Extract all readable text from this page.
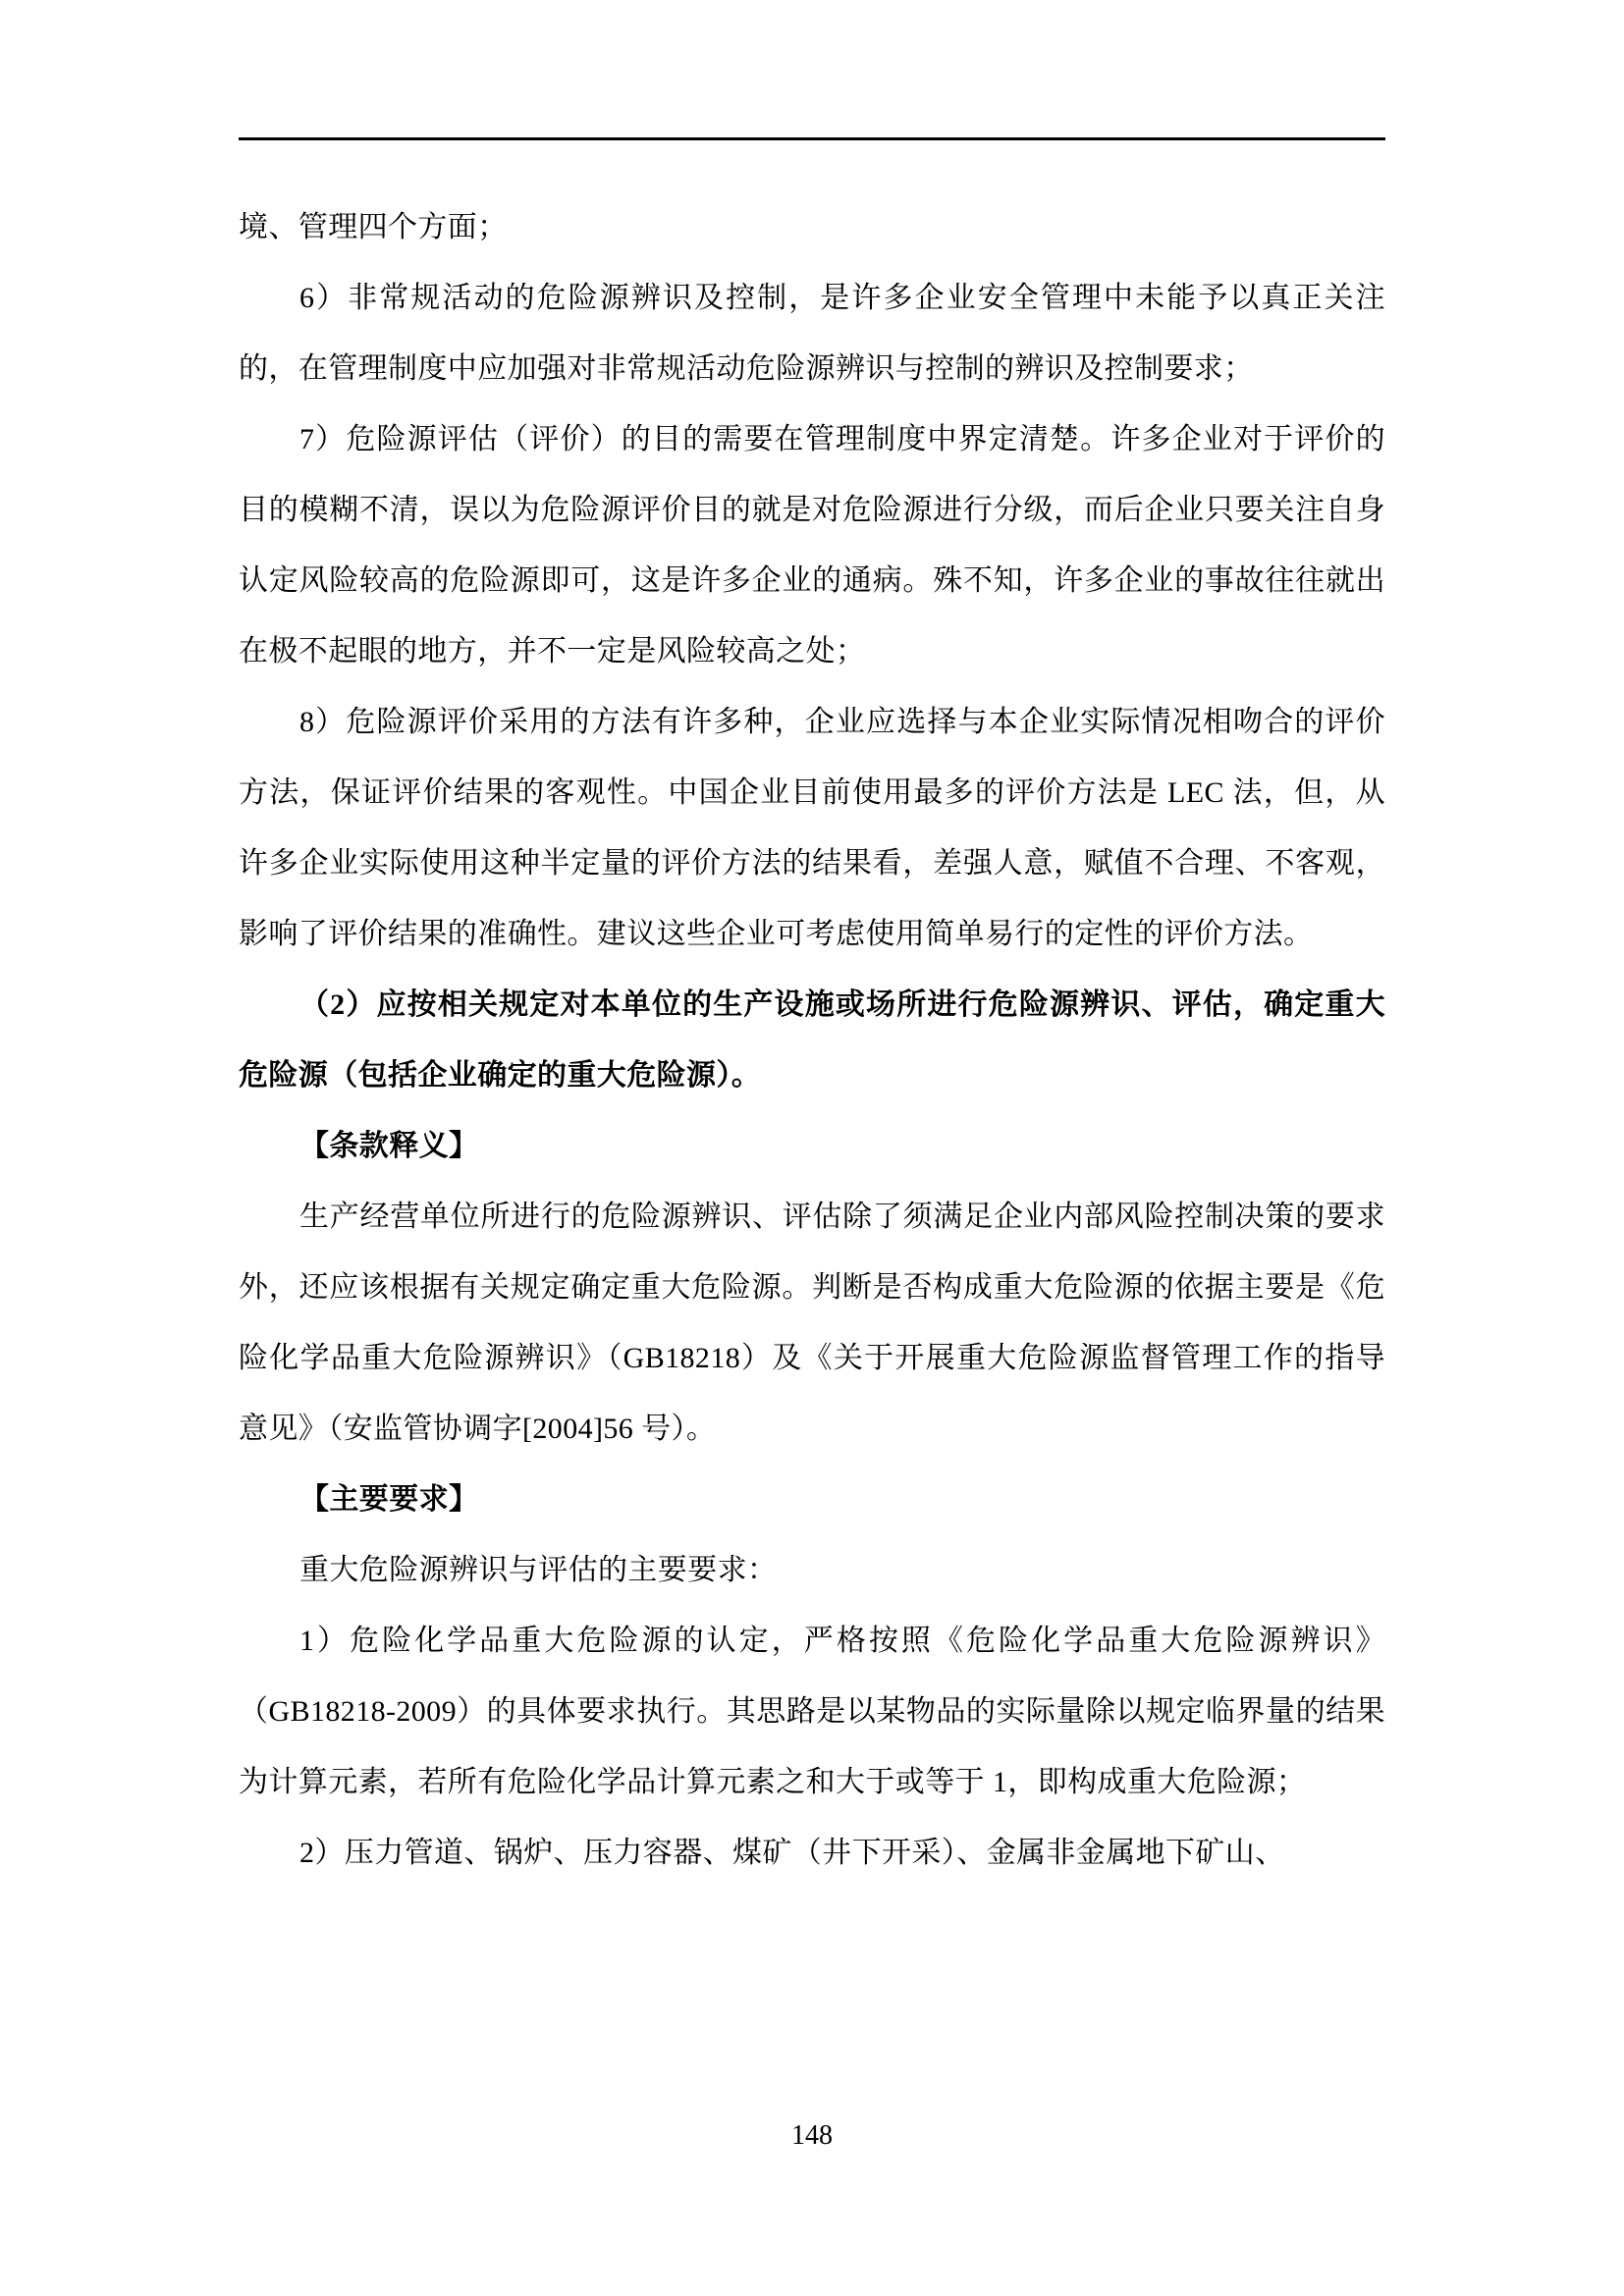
境、管理四个方面；

6）非常规活动的危险源辨识及控制，是许多企业安全管理中未能予以真正关注的，在管理制度中应加强对非常规活动危险源辨识与控制的辨识及控制要求；

7）危险源评估（评价）的目的需要在管理制度中界定清楚。许多企业对于评价的目的模糊不清，误以为危险源评价目的就是对危险源进行分级，而后企业只要关注自身认定风险较高的危险源即可，这是许多企业的通病。殊不知，许多企业的事故往往就出在极不起眼的地方，并不一定是风险较高之处；

8）危险源评价采用的方法有许多种，企业应选择与本企业实际情况相吻合的评价方法，保证评价结果的客观性。中国企业目前使用最多的评价方法是 LEC 法，但，从许多企业实际使用这种半定量的评价方法的结果看，差强人意，赋值不合理、不客观，影响了评价结果的准确性。建议这些企业可考虑使用简单易行的定性的评价方法。

（2）应按相关规定对本单位的生产设施或场所进行危险源辨识、评估，确定重大危险源（包括企业确定的重大危险源）。

【条款释义】

生产经营单位所进行的危险源辨识、评估除了须满足企业内部风险控制决策的要求外，还应该根据有关规定确定重大危险源。判断是否构成重大危险源的依据主要是《危险化学品重大危险源辨识》（GB18218）及《关于开展重大危险源监督管理工作的指导意见》（安监管协调字[2004]56 号）。

【主要要求】

重大危险源辨识与评估的主要要求：

1）危险化学品重大危险源的认定，严格按照《危险化学品重大危险源辨识》（GB18218-2009）的具体要求执行。其思路是以某物品的实际量除以规定临界量的结果为计算元素，若所有危险化学品计算元素之和大于或等于 1，即构成重大危险源；

2）压力管道、锅炉、压力容器、煤矿（井下开采）、金属非金属地下矿山、

148
